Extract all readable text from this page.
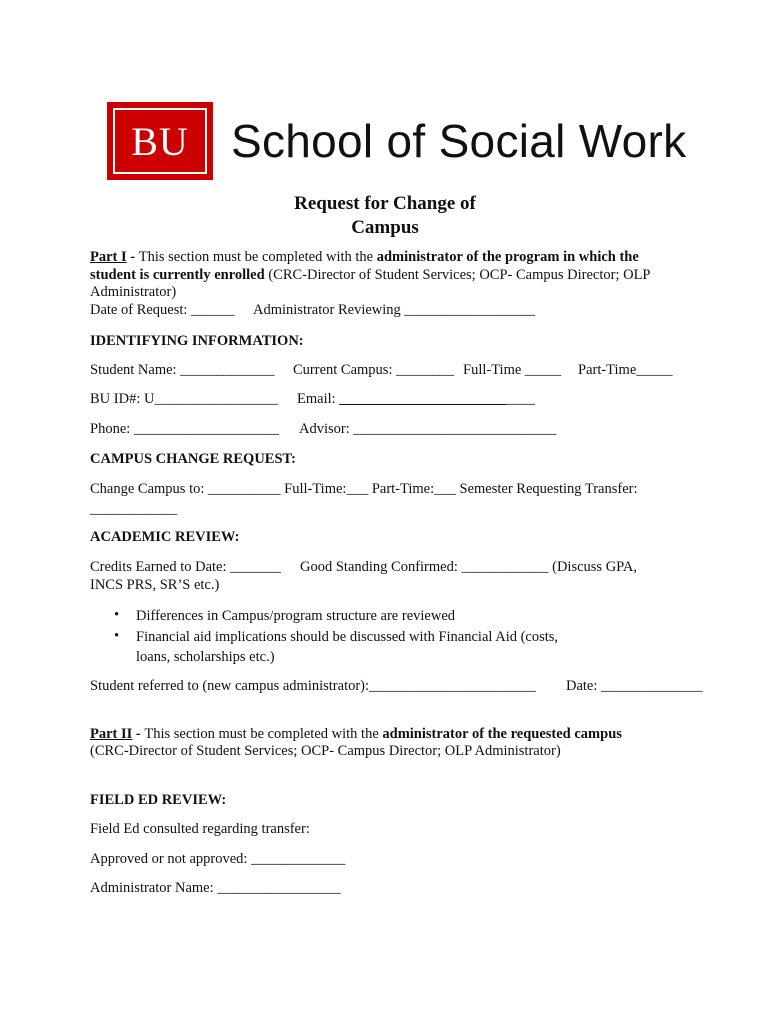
BU School of Social Work
Request for Change of
Campus
Part I - This section must be completed with the administrator of the program in which the
student is currently enrolled (CRC-Director of Student Services; OCP- Campus Director; OLP
Administrator)
Date of Request: ______ Administrator Reviewing __________________
IDENTIFYING INFORMATION:
Student Name: _____________ Current Campus: ________ Full-Time _____ Part-Time_____
BU ID#: U_________________ Email: ___________________________
Phone: ____________________ Advisor: ____________________________
CAMPUS CHANGE REQUEST:
Change Campus to: __________ Full-Time:___ Part-Time:___ Semester Requesting Transfer:
____________
ACADEMIC REVIEW:
Credits Earned to Date: _______ Good Standing Confirmed: ____________ (Discuss GPA,
INCS PRS, SR’S etc.)
• Differences in Campus/program structure are reviewed
• Financial aid implications should be discussed with Financial Aid (costs,
loans, scholarships etc.)
Student referred to (new campus administrator):_______________________ Date: ______________
Part II - This section must be completed with the administrator of the requested campus
(CRC-Director of Student Services; OCP- Campus Director; OLP Administrator)
FIELD ED REVIEW:
Field Ed consulted regarding transfer:
Approved or not approved: _____________
Administrator Name: _________________
